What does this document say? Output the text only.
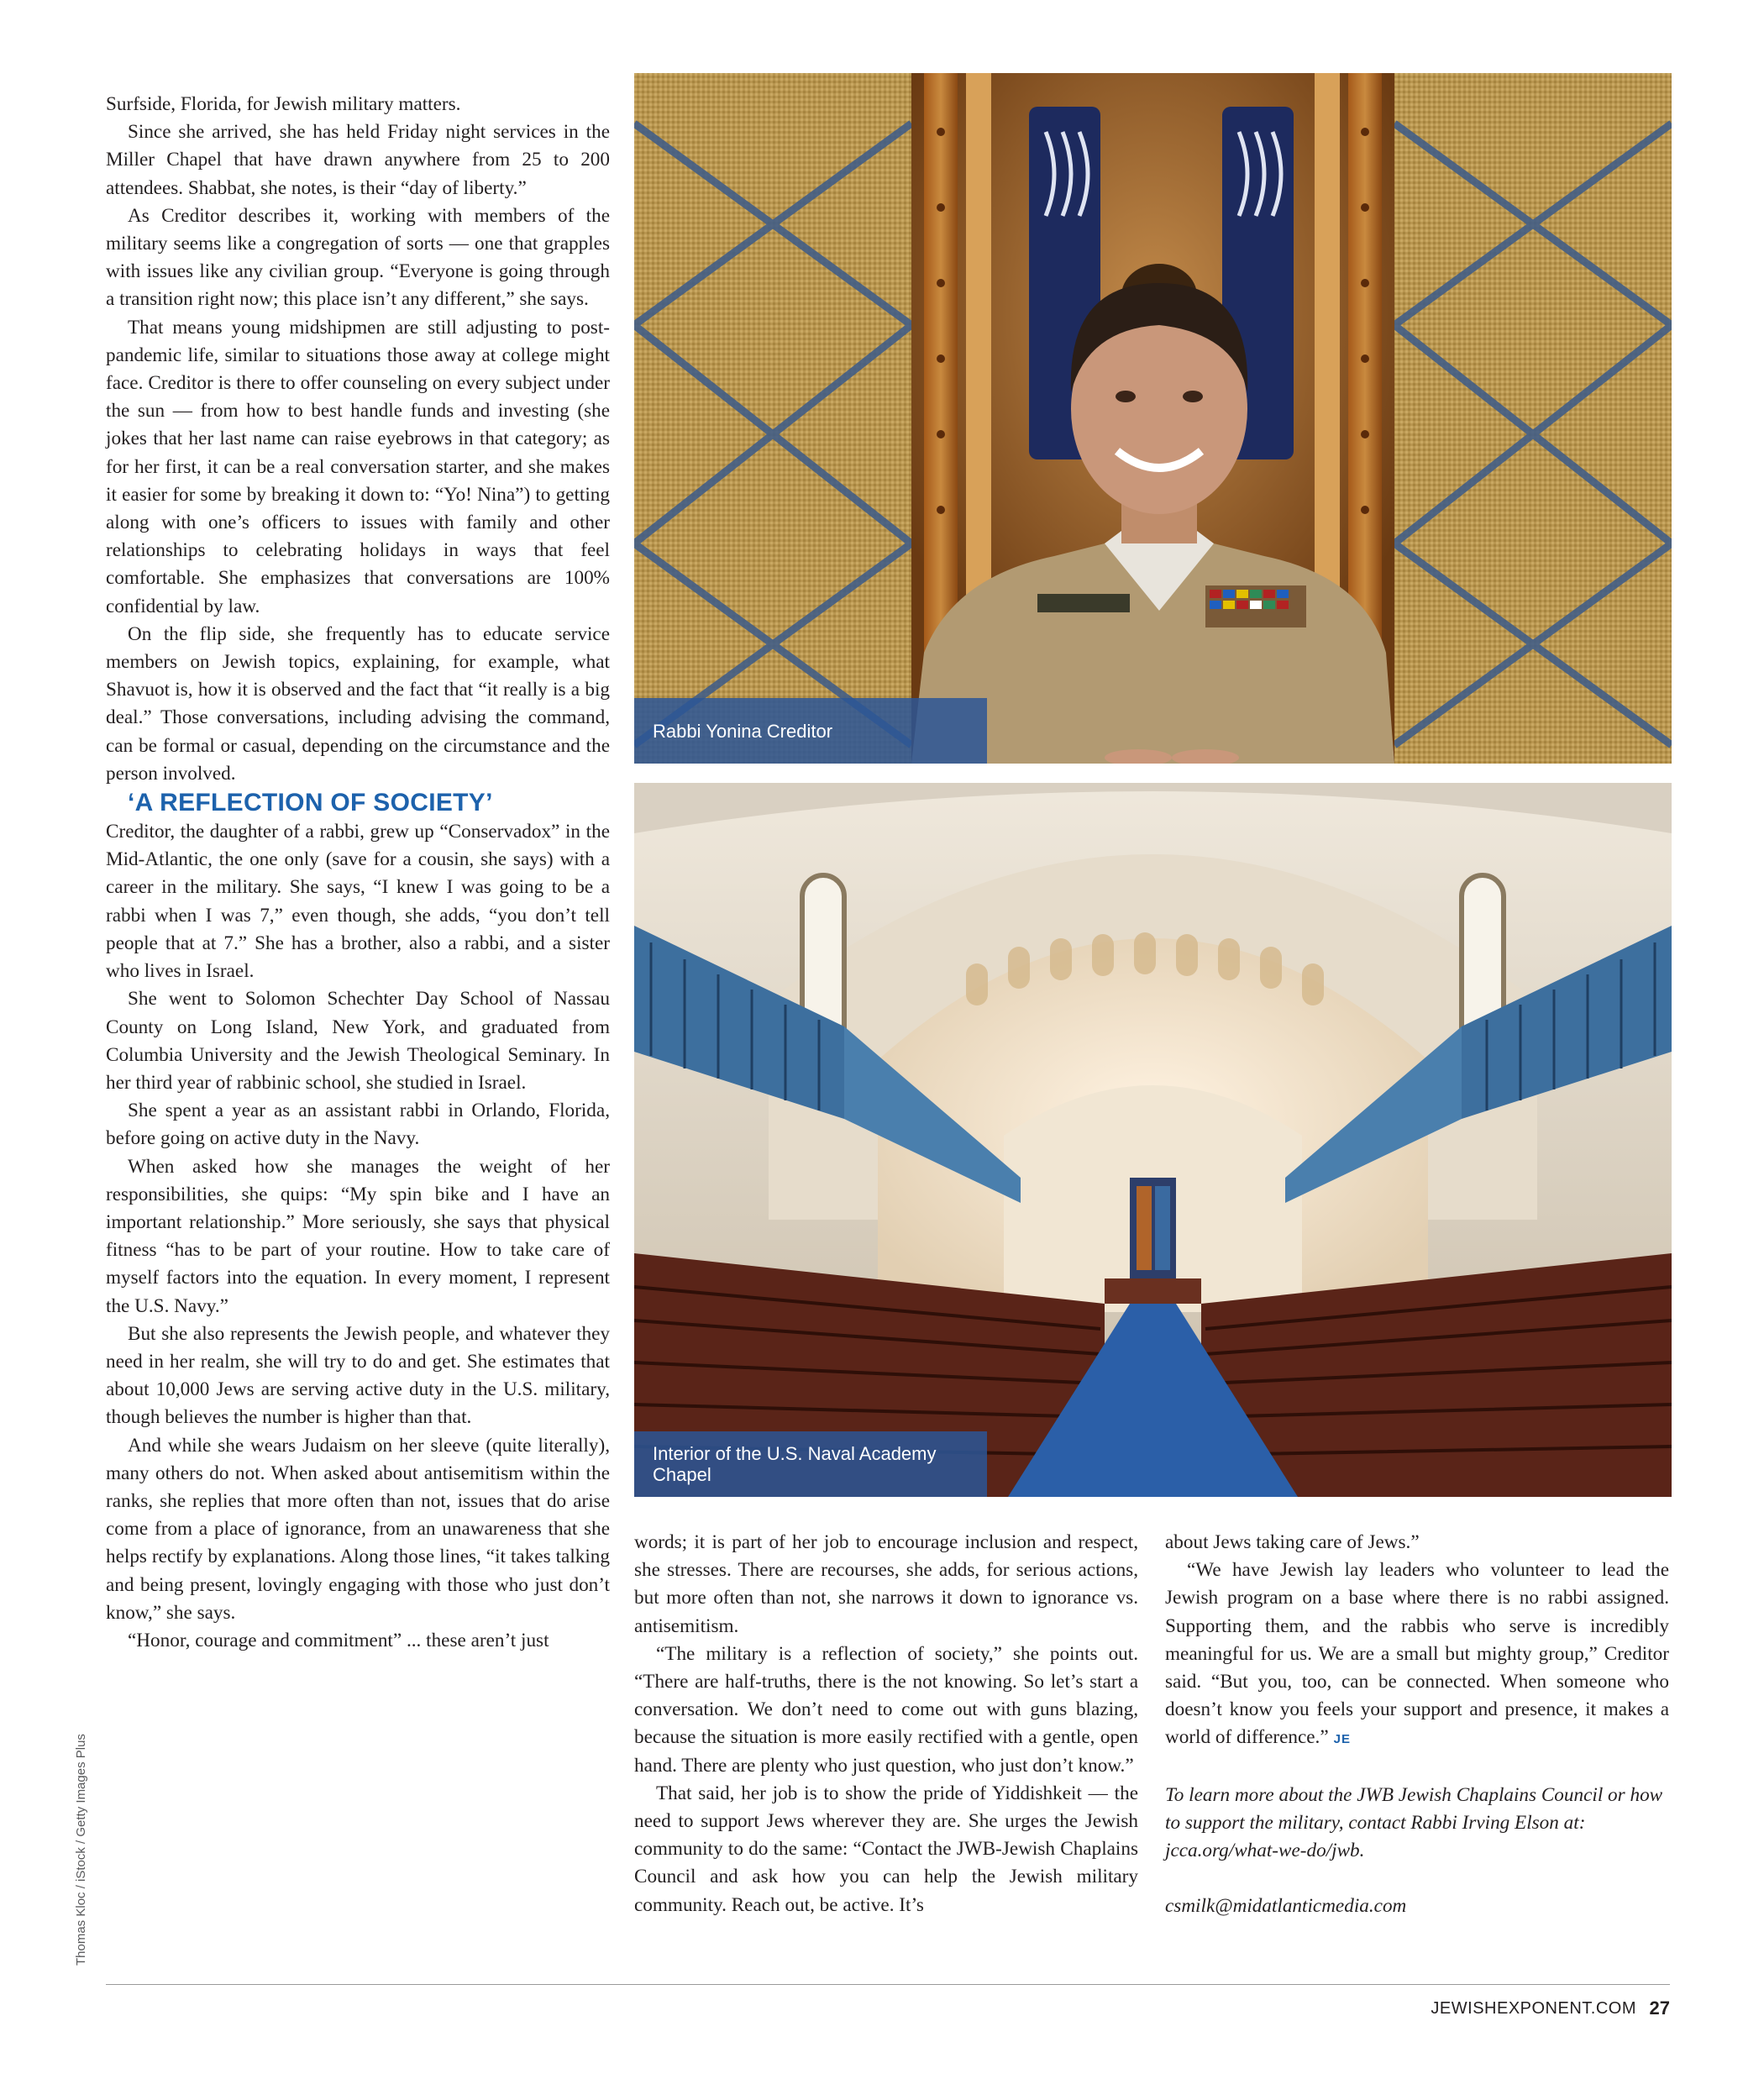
Surfside, Florida, for Jewish military matters.

Since she arrived, she has held Friday night services in the Miller Chapel that have drawn anywhere from 25 to 200 attendees. Shabbat, she notes, is their “day of liberty.”

As Creditor describes it, working with members of the military seems like a congregation of sorts — one that grapples with issues like any civilian group. “Everyone is going through a transition right now; this place isn’t any different,” she says.

That means young midshipmen are still adjusting to post-pandemic life, similar to situations those away at college might face. Creditor is there to offer counseling on every subject under the sun — from how to best handle funds and investing (she jokes that her last name can raise eyebrows in that category; as for her first, it can be a real conversation starter, and she makes it easier for some by breaking it down to: “Yo! Nina”) to getting along with one’s officers to issues with family and other relationships to celebrating holidays in ways that feel comfortable. She emphasizes that conversations are 100% confidential by law.

On the flip side, she frequently has to educate service members on Jewish topics, explaining, for example, what Shavuot is, how it is observed and the fact that “it really is a big deal.” Those conversations, including advising the command, can be formal or casual, depending on the circumstance and the person involved.

‘A REFLECTION OF SOCIETY’

Creditor, the daughter of a rabbi, grew up “Conservadox” in the Mid-Atlantic, the one only (save for a cousin, she says) with a career in the military. She says, “I knew I was going to be a rabbi when I was 7,” even though, she adds, “you don’t tell people that at 7.” She has a brother, also a rabbi, and a sister who lives in Israel.

She went to Solomon Schechter Day School of Nassau County on Long Island, New York, and graduated from Columbia University and the Jewish Theological Seminary. In her third year of rabbinic school, she studied in Israel.

She spent a year as an assistant rabbi in Orlando, Florida, before going on active duty in the Navy.

When asked how she manages the weight of her responsibilities, she quips: “My spin bike and I have an important relationship.” More seriously, she says that physical fitness “has to be part of your routine. How to take care of myself factors into the equation. In every moment, I represent the U.S. Navy.”

But she also represents the Jewish people, and whatever they need in her realm, she will try to do and get. She estimates that about 10,000 Jews are serving active duty in the U.S. military, though believes the number is higher than that.

And while she wears Judaism on her sleeve (quite literally), many others do not. When asked about antisemitism within the ranks, she replies that more often than not, issues that do arise come from a place of ignorance, from an unawareness that she helps rectify by explanations. Along those lines, “it takes talking and being present, lovingly engaging with those who just don’t know,” she says.

“Honor, courage and commitment” ... these aren’t just

Rabbi Yonina Creditor
Interior of the U.S. Naval Academy
Chapel

words; it is part of her job to encourage inclusion and respect, she stresses. There are recourses, she adds, for serious actions, but more often than not, she narrows it down to ignorance vs. antisemitism.

“The military is a reflection of society,” she points out. “There are half-truths, there is the not knowing. So let’s start a conversation. We don’t need to come out with guns blazing, because the situation is more easily rectified with a gentle, open hand. There are plenty who just question, who just don’t know.”

That said, her job is to show the pride of Yiddishkeit — the need to support Jews wherever they are. She urges the Jewish community to do the same: “Contact the JWB-Jewish Chaplains Council and ask how you can help the Jewish military community. Reach out, be active. It’s

about Jews taking care of Jews.”

“We have Jewish lay leaders who volunteer to lead the Jewish program on a base where there is no rabbi assigned. Supporting them, and the rabbis who serve is incredibly meaningful for us. We are a small but mighty group,” Creditor said. “But you, too, can be connected. When someone who doesn’t know you feels your support and presence, it makes a world of difference.” JE

To learn more about the JWB Jewish Chaplains Council or how to support the military, contact Rabbi Irving Elson at: jcca.org/what-we-do/jwb.

csmilk@midatlanticmedia.com

Thomas Kloc / iStock / Getty Images Plus
JEWISHEXPONENT.COM 27
